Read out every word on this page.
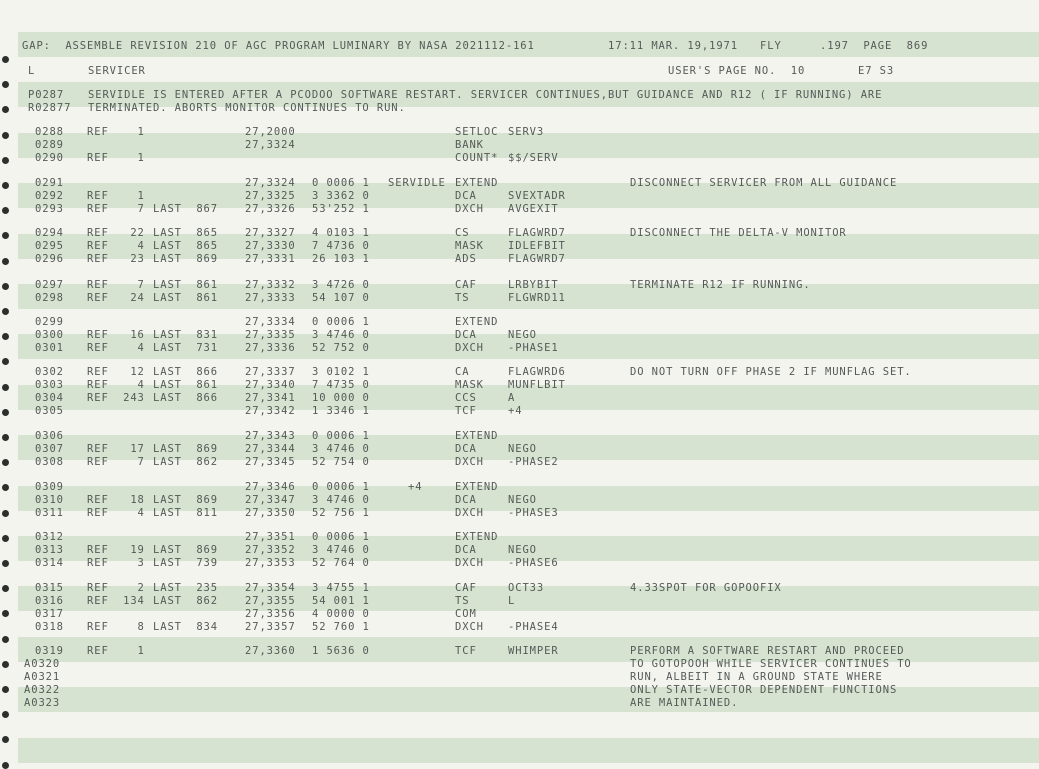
GAP:  ASSEMBLE REVISION 210 OF AGC PROGRAM LUMINARY BY NASA 2021112-161	17:11 MAR. 19,1971 FLY	.197  PAGE  869
L	SERVICER	USER'S PAGE NO.  10	E7 S3
P0287 SERVIDLE IS ENTERED AFTER A PCODOO SOFTWARE RESTART. SERVICER CONTINUES,BUT GUIDANCE AND R12 ( IF RUNNING) ARE
R02877 TERMINATED. ABORTS MONITOR CONTINUES TO RUN.
0288 REF    1	27,2000	SETLOC SERV3
0289	27,3324	BANK
0290 REF    1	COUNT* $$/SERV
0291	27,3324 0 0006 1 SERVIDLE EXTEND	DISCONNECT SERVICER FROM ALL GUIDANCE
0292 REF    1	27,3325 3 3362 0	DCA	SVEXTADR
0293 REF    7 LAST  867	27,3326 53'252 1	DXCH AVGEXIT
0294 REF   22 LAST  865	27,3327 4 0103 1	CS	FLAGWRD7	DISCONNECT THE DELTA-V MONITOR
0295 REF    4 LAST  865	27,3330 7 4736 0	MASK IDLEFBIT
0296 REF   23 LAST  869	27,3331 26 103 1	ADS	FLAGWRD7
0297 REF    7 LAST  861	27,3332 3 4726 0	CAF	LRBYBIT	TERMINATE R12 IF RUNNING.
0298 REF   24 LAST  861	27,3333 54 107 0	TS	FLGWRD11
0299	27,3334 0 0006 1	EXTEND
0300 REF   16 LAST  831	27,3335 3 4746 0	DCA	NEGO
0301 REF    4 LAST  731	27,3336 52 752 0	DXCH -PHASE1
0302 REF   12 LAST  866	27,3337 3 0102 1	CA	FLAGWRD6	DO NOT TURN OFF PHASE 2 IF MUNFLAG SET.
0303 REF    4 LAST  861	27,3340 7 4735 0	MASK MUNFLBIT
0304 REF  243 LAST  866	27,3341 10 000 0	CCS	A
0305	27,3342 1 3346 1	TCF	+4
0306	27,3343 0 0006 1	EXTEND
0307 REF   17 LAST  869	27,3344 3 4746 0	DCA	NEGO
0308 REF    7 LAST  862	27,3345 52 754 0	DXCH -PHASE2
0309	27,3346 0 0006 1	+4	EXTEND
0310 REF   18 LAST  869	27,3347 3 4746 0	DCA	NEGO
0311 REF    4 LAST  811	27,3350 52 756 1	DXCH -PHASE3
0312	27,3351 0 0006 1	EXTEND
0313 REF   19 LAST  869	27,3352 3 4746 0	DCA	NEGO
0314 REF    3 LAST  739	27,3353 52 764 0	DXCH -PHASE6
0315 REF    2 LAST  235	27,3354 3 4755 1	CAF	OCT33	4.33SPOT FOR GOPOOFIX
0316 REF  134 LAST  862	27,3355 54 001 1	TS	L
0317	27,3356 4 0000 0	COM
0318 REF    8 LAST  834	27,3357 52 760 1	DXCH -PHASE4
0319 REF    1	27,3360 1 5636 0	TCF	WHIMPER	PERFORM A SOFTWARE RESTART AND PROCEED
A0320	TO GOTOPOOH WHILE SERVICER CONTINUES TO
A0321	RUN, ALBEIT IN A GROUND STATE WHERE
A0322	ONLY STATE-VECTOR DEPENDENT FUNCTIONS
A0323	ARE MAINTAINED.
